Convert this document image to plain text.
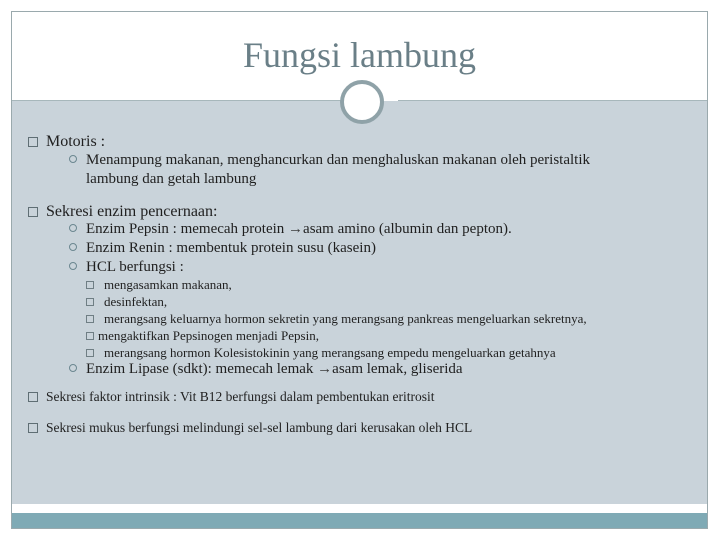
Fungsi lambung
Motoris :
Menampung makanan, menghancurkan dan menghaluskan makanan oleh peristaltik
lambung dan getah lambung
Sekresi enzim pencernaan:
Enzim Pepsin : memecah protein →asam amino (albumin dan pepton).
Enzim Renin : membentuk protein susu (kasein)
HCL berfungsi :
mengasamkan makanan,
desinfektan,
merangsang keluarnya hormon sekretin yang merangsang pankreas mengeluarkan sekretnya,
mengaktifkan Pepsinogen menjadi Pepsin,
merangsang hormon Kolesistokinin yang merangsang empedu mengeluarkan getahnya
Enzim Lipase (sdkt): memecah lemak →asam lemak, gliserida
Sekresi faktor intrinsik : Vit B12 berfungsi dalam pembentukan eritrosit
Sekresi mukus berfungsi melindungi sel-sel lambung dari kerusakan oleh HCL
